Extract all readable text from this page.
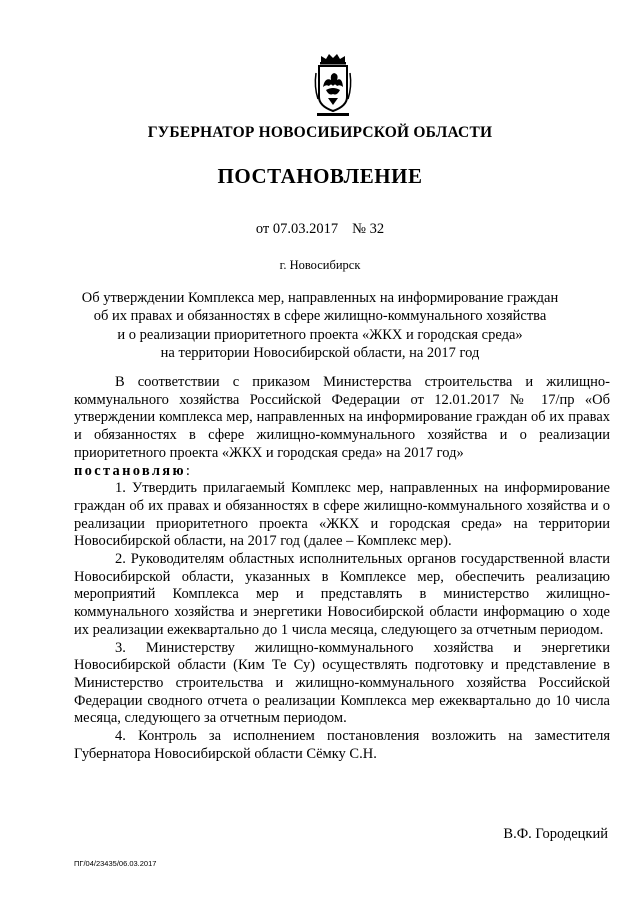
ГУБЕРНАТОР НОВОСИБИРСКОЙ ОБЛАСТИ
ПОСТАНОВЛЕНИЕ
от 07.03.2017 № 32
г. Новосибирск
Об утверждении Комплекса мер, направленных на информирование граждан
об их правах и обязанностях в сфере жилищно-коммунального хозяйства
и о реализации приоритетного проекта «ЖКХ и городская среда»
на территории Новосибирской области, на 2017 год

В соответствии с приказом Министерства строительства и жилищно-коммунального хозяйства Российской Федерации от 12.01.2017 № 17/пр «Об утверждении комплекса мер, направленных на информирование граждан об их правах и обязанностях в сфере жилищно-коммунального хозяйства и о реализации приоритетного проекта «ЖКХ и городская среда» на 2017 год»

постановляю:

1. Утвердить прилагаемый Комплекс мер, направленных на информирование граждан об их правах и обязанностях в сфере жилищно-коммунального хозяйства и о реализации приоритетного проекта «ЖКХ и городская среда» на территории Новосибирской области, на 2017 год (далее – Комплекс мер).

2. Руководителям областных исполнительных органов государственной власти Новосибирской области, указанных в Комплексе мер, обеспечить реализацию мероприятий Комплекса мер и представлять в министерство жилищно-коммунального хозяйства и энергетики Новосибирской области информацию о ходе их реализации ежеквартально до 1 числа месяца, следующего за отчетным периодом.

3. Министерству жилищно-коммунального хозяйства и энергетики Новосибирской области (Ким Те Су) осуществлять подготовку и представление в Министерство строительства и жилищно-коммунального хозяйства Российской Федерации сводного отчета о реализации Комплекса мер ежеквартально до 10 числа месяца, следующего за отчетным периодом.

4. Контроль за исполнением постановления возложить на заместителя Губернатора Новосибирской области Сёмку С.Н.

В.Ф. Городецкий
ПГ/04/23435/06.03.2017
